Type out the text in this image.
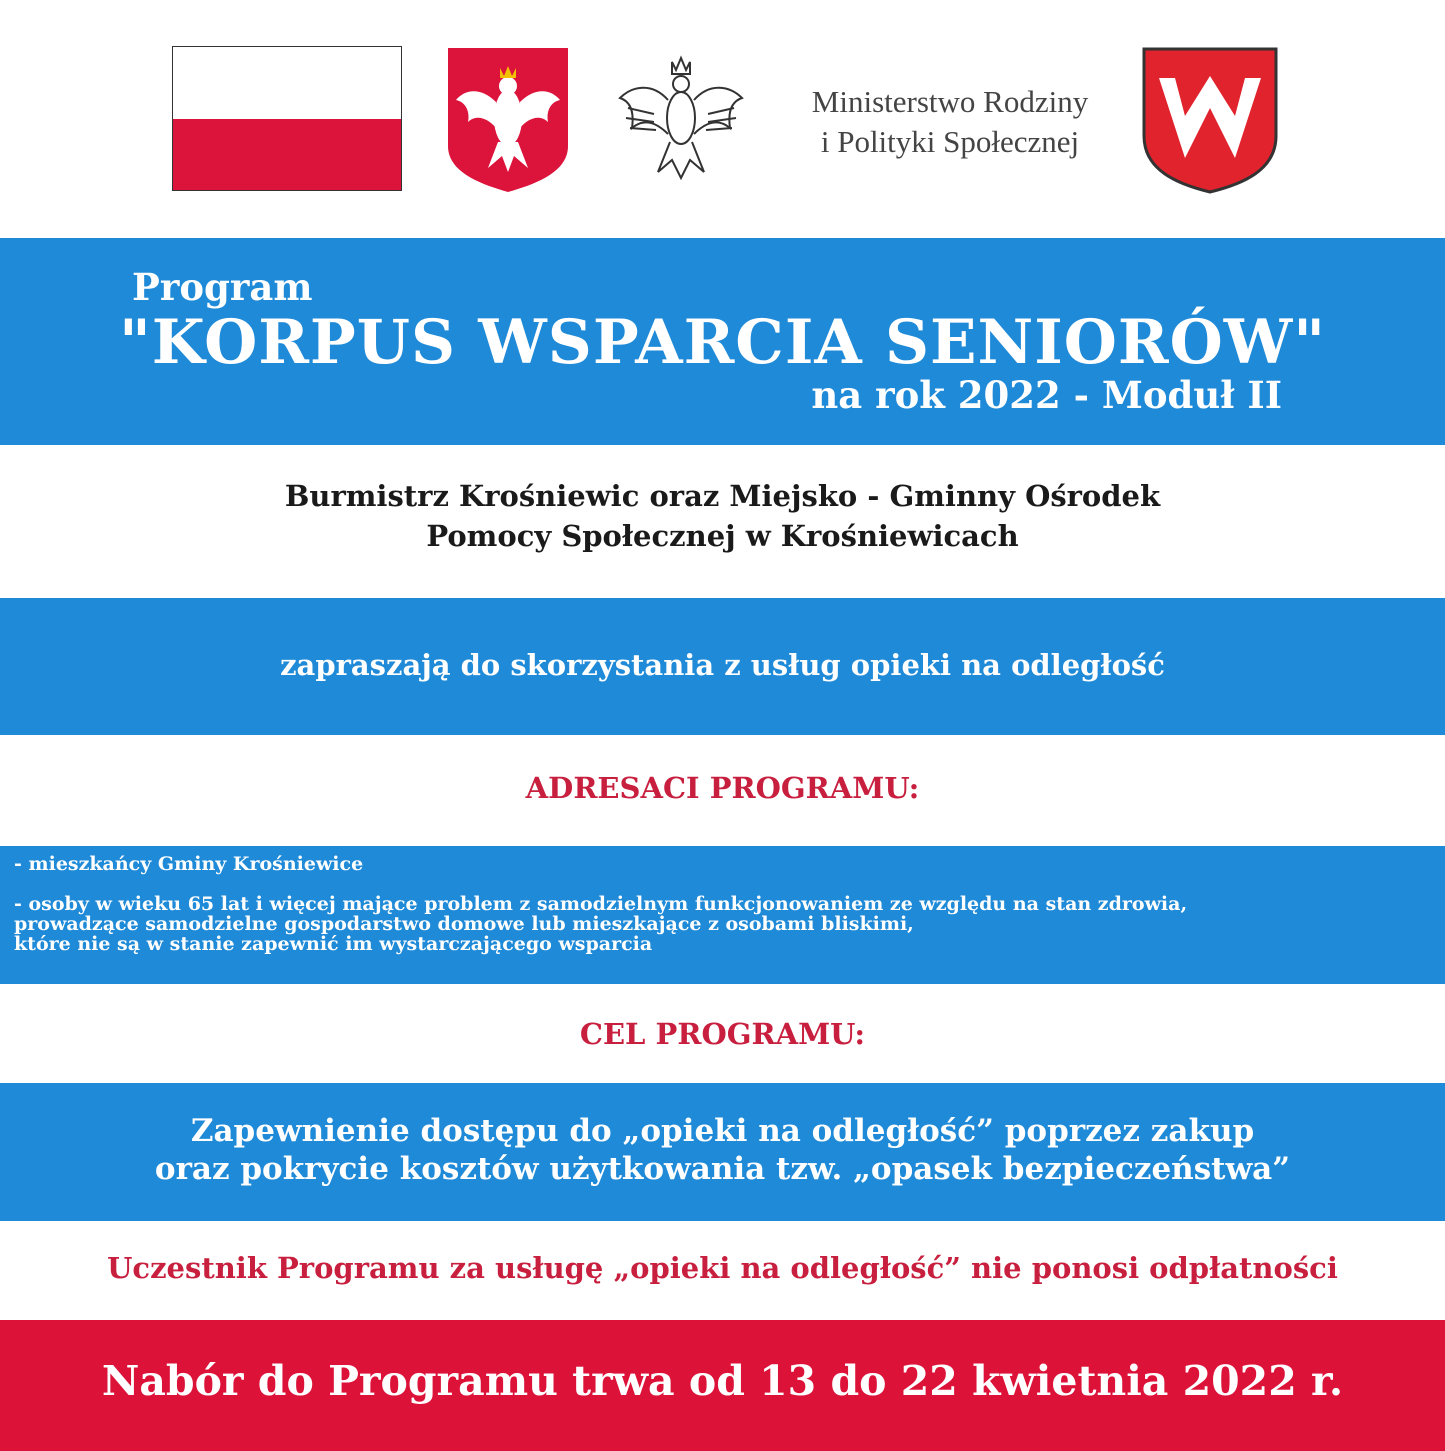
Ministerstwo Rodziny
i Polityki Społecznej
Program
"KORPUS WSPARCIA SENIORÓW"
na rok 2022 - Moduł II
Burmistrz Krośniewic oraz Miejsko - Gminny Ośrodek
Pomocy Społecznej w Krośniewicach
zapraszają do skorzystania z usług opieki na odległość
ADRESACI PROGRAMU:

- mieszkańcy Gminy Krośniewice

- osoby w wieku 65 lat i więcej mające problem z samodzielnym funkcjonowaniem ze względu na stan zdrowia,

prowadzące samodzielne gospodarstwo domowe lub mieszkające z osobami bliskimi,

które nie są w stanie zapewnić im wystarczającego wsparcia

CEL PROGRAMU:
Zapewnienie dostępu do „opieki na odległość” poprzez zakup
oraz pokrycie kosztów użytkowania tzw. „opasek bezpieczeństwa”
Uczestnik Programu za usługę „opieki na odległość” nie ponosi odpłatności
Nabór do Programu trwa od 13 do 22 kwietnia 2022 r.
